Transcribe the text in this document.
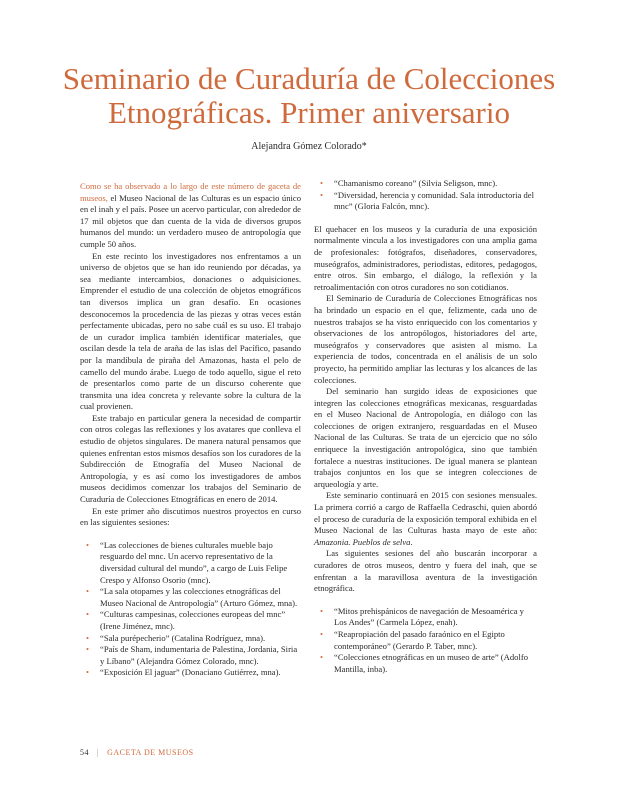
Seminario de Curaduría de Colecciones
Etnográficas. Primer aniversario
Alejandra Gómez Colorado*

Como se ha observado a lo largo de este número de gaceta de museos, el Museo Nacional de las Culturas es un espacio único en el inah y el país. Posee un acervo particular, con alrededor de 17 mil objetos que dan cuenta de la vida de diversos grupos humanos del mundo: un verdadero museo de antropología que cumple 50 años.

En este recinto los investigadores nos enfrentamos a un universo de objetos que se han ido reuniendo por décadas, ya sea mediante intercambios, donaciones o adquisiciones. Emprender el estudio de una colección de objetos etnográficos tan diversos implica un gran desafío. En ocasiones desconocemos la procedencia de las piezas y otras veces están perfectamente ubicadas, pero no sabe cuál es su uso. El trabajo de un curador implica también identificar materiales, que oscilan desde la tela de araña de las islas del Pacífico, pasando por la mandíbula de piraña del Amazonas, hasta el pelo de camello del mundo árabe. Luego de todo aquello, sigue el reto de presentarlos como parte de un discurso coherente que transmita una idea concreta y relevante sobre la cultura de la cual provienen.

Este trabajo en particular genera la necesidad de compartir con otros colegas las reflexiones y los avatares que conlleva el estudio de objetos singulares. De manera natural pensamos que quienes enfrentan estos mismos desafíos son los curadores de la Subdirección de Etnografía del Museo Nacional de Antropología, y es así como los investigadores de ambos museos decidimos comenzar los trabajos del Seminario de Curaduría de Colecciones Etnográficas en enero de 2014.

En este primer año discutimos nuestros proyectos en curso en las siguientes sesiones:

• “Las colecciones de bienes culturales mueble bajo resguardo del mnc. Un acervo representativo de la diversidad cultural del mundo”, a cargo de Luis Felipe Crespo y Alfonso Osorio (mnc).
• “La sala otopames y las colecciones etnográficas del Museo Nacional de Antropología” (Arturo Gómez, mna).
• “Culturas campesinas, colecciones europeas del mnc” (Irene Jiménez, mnc).
• “Sala purépecherio” (Catalina Rodríguez, mna).
• “País de Sham, indumentaria de Palestina, Jordania, Siria y Líbano” (Alejandra Gómez Colorado, mnc).
• “Exposición El jaguar” (Donaciano Gutiérrez, mna).
• “Chamanismo coreano” (Silvia Seligson, mnc).
• “Diversidad, herencia y comunidad. Sala introductoria del mnc” (Gloria Falcón, mnc).

El quehacer en los museos y la curaduría de una exposición normalmente vincula a los investigadores con una amplia gama de profesionales: fotógrafos, diseñadores, conservadores, museógrafos, administradores, periodistas, editores, pedagogos, entre otros. Sin embargo, el diálogo, la reflexión y la retroalimentación con otros curadores no son cotidianos.

El Seminario de Curaduría de Colecciones Etnográficas nos ha brindado un espacio en el que, felizmente, cada uno de nuestros trabajos se ha visto enriquecido con los comentarios y observaciones de los antropólogos, historiadores del arte, museógrafos y conservadores que asisten al mismo. La experiencia de todos, concentrada en el análisis de un solo proyecto, ha permitido ampliar las lecturas y los alcances de las colecciones.

Del seminario han surgido ideas de exposiciones que integren las colecciones etnográficas mexicanas, resguardadas en el Museo Nacional de Antropología, en diálogo con las colecciones de origen extranjero, resguardadas en el Museo Nacional de las Culturas. Se trata de un ejercicio que no sólo enriquece la investigación antropológica, sino que también fortalece a nuestras instituciones. De igual manera se plantean trabajos conjuntos en los que se integren colecciones de arqueología y arte.

Este seminario continuará en 2015 con sesiones mensuales. La primera corrió a cargo de Raffaella Cedraschi, quien abordó el proceso de curaduría de la exposición temporal exhibida en el Museo Nacional de las Culturas hasta mayo de este año: Amazonia. Pueblos de selva.

Las siguientes sesiones del año buscarán incorporar a curadores de otros museos, dentro y fuera del inah, que se enfrentan a la maravillosa aventura de la investigación etnográfica.

• “Mitos prehispánicos de navegación de Mesoamérica y Los Andes” (Carmela López, enah).
• “Reapropiación del pasado faraónico en el Egipto contemporáneo” (Gerardo P. Taber, mnc).
• “Colecciones etnográficas en un museo de arte” (Adolfo Mantilla, inba).
54 | GACETA DE MUSEOS
